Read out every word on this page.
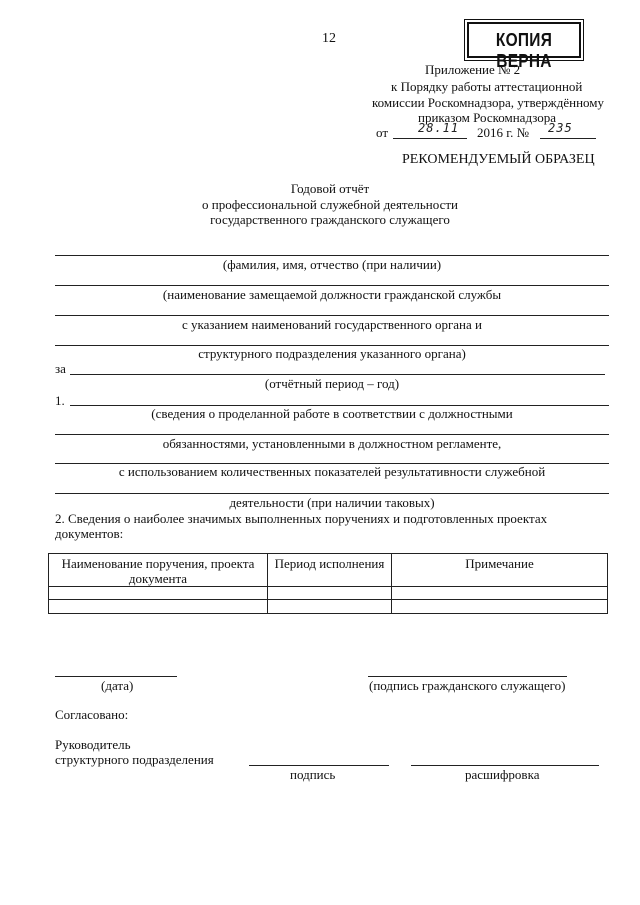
12	КОПИЯ ВЕРНА
Приложение № 2
к Порядку работы аттестационной
комиссии Роскомнадзора, утверждённому
приказом Роскомнадзора
от 28.11 2016 г. № 235
РЕКОМЕНДУЕМЫЙ ОБРАЗЕЦ
Годовой отчёт
о профессиональной служебной деятельности
государственного гражданского служащего
(фамилия, имя, отчество (при наличии)
(наименование замещаемой должности гражданской службы
с указанием наименований государственного органа и
структурного подразделения указанного органа)
за
(отчётный период – год)
1.
(сведения о проделанной работе в соответствии с должностными
обязанностями, установленными в должностном регламенте,
с использованием количественных показателей результативности служебной
деятельности (при наличии таковых)
2. Сведения о наиболее значимых выполненных поручениях и подготовленных проектах
документов:
Наименование поручения, проекта документа	Период исполнения	Примечание

(дата)	(подпись гражданского служащего)
Согласовано:
Руководитель
структурного подразделения
подпись	расшифровка
